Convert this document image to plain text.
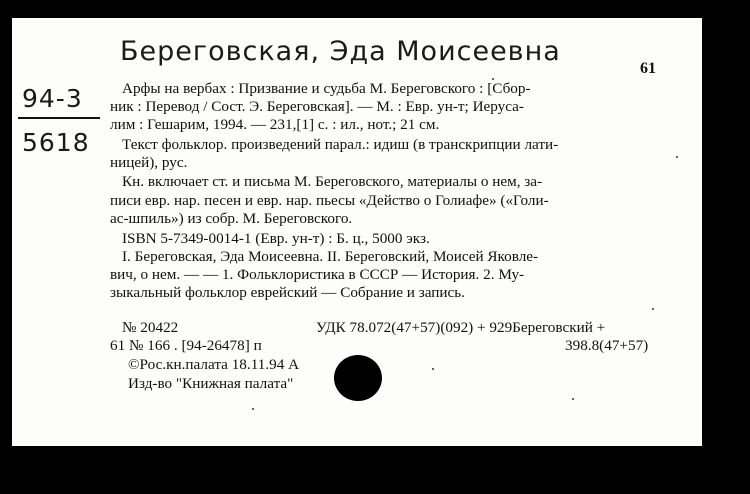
Береговская, Эда Моисеевна
94-3
5618
61
Арфы на вербах : Призвание и судьба М. Береговского : [Сбор-
ник : Перевод / Сост. Э. Береговская]. — М. : Евр. ун-т; Иеруса-
лим : Гешарим, 1994. — 231,[1] с. : ил., нот.; 21 см.
Текст фольклор. произведений парал.: идиш (в транскрипции лати-
ницей), рус.
Кн. включает ст. и письма М. Береговского, материалы о нем, за-
писи евр. нар. песен и евр. нар. пьесы «Действо о Голиафе» («Голи-
ас-шпиль») из собр. М. Береговского.
ISBN 5-7349-0014-1 (Евр. ун-т) : Б. ц., 5000 экз.
I. Береговская, Эда Моисеевна. II. Береговский, Моисей Яковле-
вич, о нем. — — 1. Фольклористика в СССР — История. 2. Му-
зыкальный фольклор еврейский — Собрание и запись.
№ 20422	УДК 78.072(47+57)(092) + 929Береговский +
398.8(47+57)
61 № 166 . [94-26478] п
©Рос.кн.палата 18.11.94 А
Изд-во "Книжная палата"
